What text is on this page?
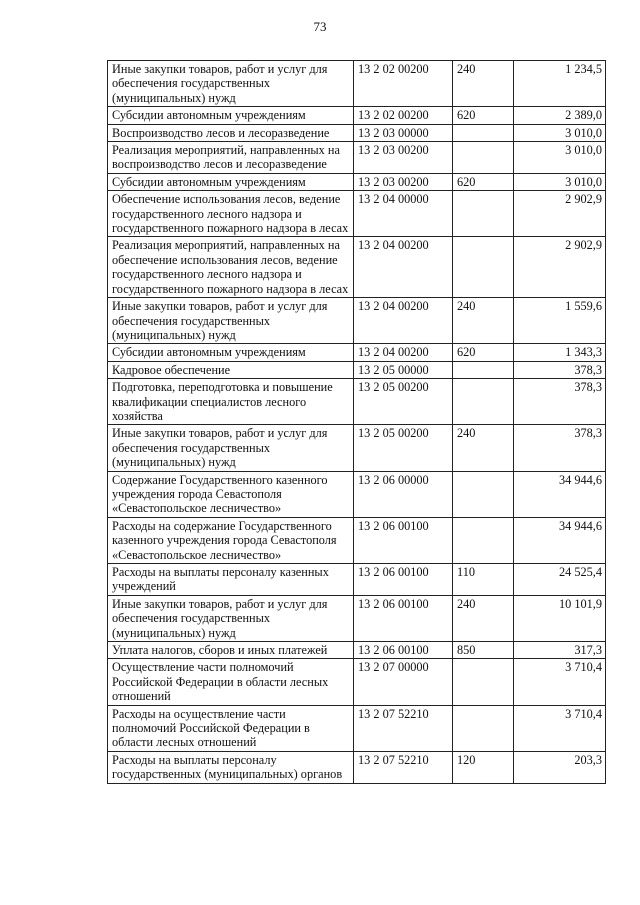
73
Иные закупки товаров, работ и услуг для обеспечения государственных (муниципальных) нужд	13 2 02 00200	240	1 234,5
Субсидии автономным учреждениям	13 2 02 00200	620	2 389,0
Воспроизводство лесов и лесоразведение	13 2 03 00000		3 010,0
Реализация мероприятий, направленных на воспроизводство лесов и лесоразведение	13 2 03 00200		3 010,0
Субсидии автономным учреждениям	13 2 03 00200	620	3 010,0
Обеспечение использования лесов, ведение государственного лесного надзора и государственного пожарного надзора в лесах	13 2 04 00000		2 902,9
Реализация мероприятий, направленных на обеспечение использования лесов, ведение государственного лесного надзора и государственного пожарного надзора в лесах	13 2 04 00200		2 902,9
Иные закупки товаров, работ и услуг для обеспечения государственных (муниципальных) нужд	13 2 04 00200	240	1 559,6
Субсидии автономным учреждениям	13 2 04 00200	620	1 343,3
Кадровое обеспечение	13 2 05 00000		378,3
Подготовка, переподготовка и повышение квалификации специалистов лесного хозяйства	13 2 05 00200		378,3
Иные закупки товаров, работ и услуг для обеспечения государственных (муниципальных) нужд	13 2 05 00200	240	378,3
Содержание Государственного казенного учреждения города Севастополя «Севастопольское лесничество»	13 2 06 00000		34 944,6
Расходы на содержание Государственного казенного учреждения города Севастополя «Севастопольское лесничество»	13 2 06 00100		34 944,6
Расходы на выплаты персоналу казенных учреждений	13 2 06 00100	110	24 525,4
Иные закупки товаров, работ и услуг для обеспечения государственных (муниципальных) нужд	13 2 06 00100	240	10 101,9
Уплата налогов, сборов и иных платежей	13 2 06 00100	850	317,3
Осуществление части полномочий Российской Федерации в области лесных отношений	13 2 07 00000		3 710,4
Расходы на осуществление части полномочий Российской Федерации в области лесных отношений	13 2 07 52210		3 710,4
Расходы на выплаты персоналу государственных (муниципальных) органов	13 2 07 52210	120	203,3
